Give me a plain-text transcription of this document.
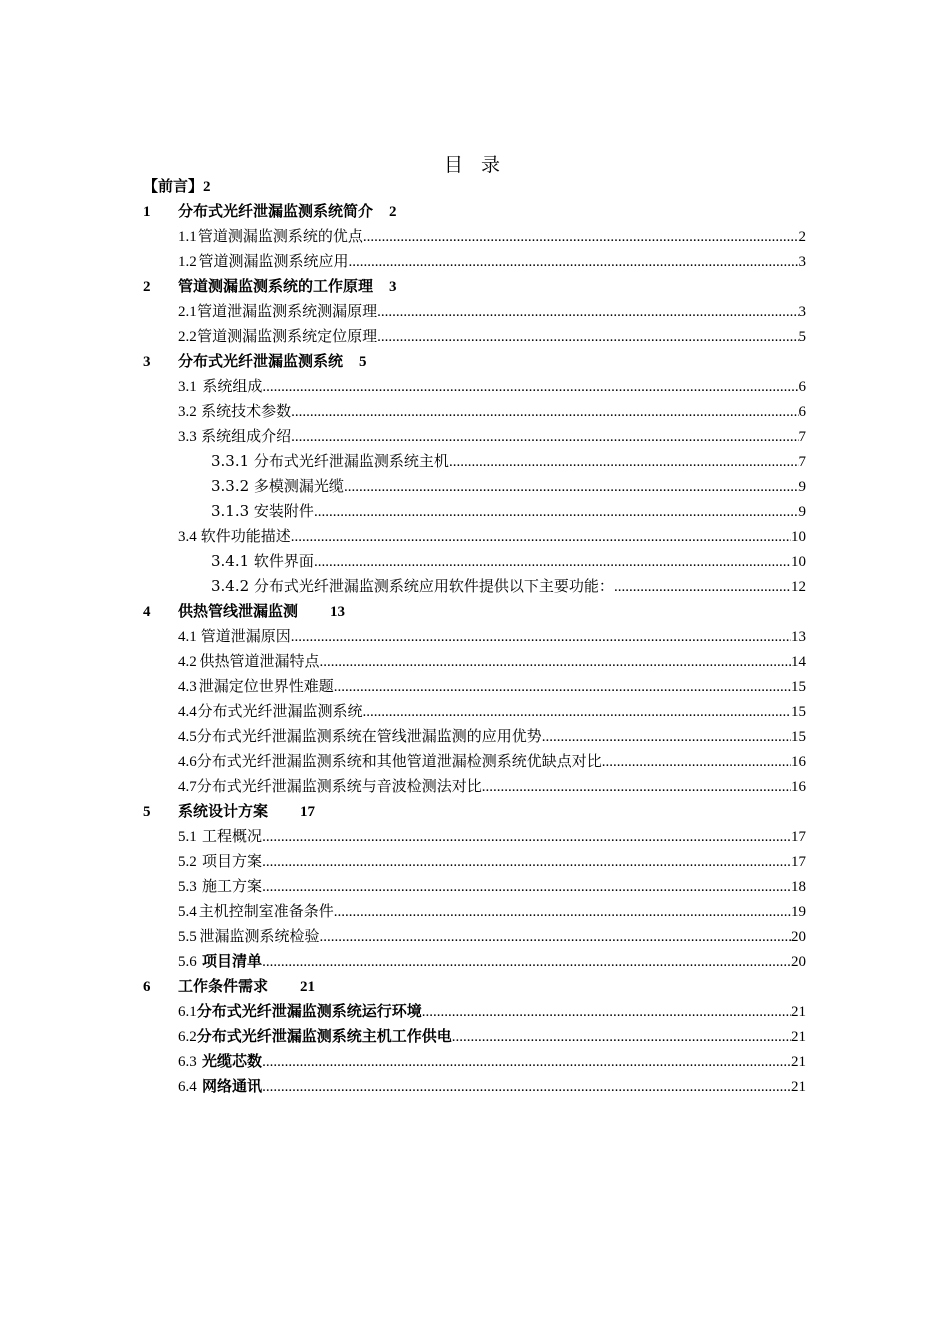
目 录
【前言】 2
1	分布式光纤泄漏监测系统简介 2
1.1 管道测漏监测系统的优点 .....	2
1.2 管道测漏监测系统应用 .....	3
2	管道测漏监测系统的工作原理 3
2.1 管道泄漏监测系统测漏原理 .....	3
2.2 管道测漏监测系统定位原理 .....	5
3	分布式光纤泄漏监测系统 5
3.1 系统组成 .....	6
3.2 系统技术参数 .....	6
3.3 系统组成介绍 .....	7
3.3.1 分布式光纤泄漏监测系统主机 .....	7
3.3.2 多模测漏光缆 .....	9
3.1.3 安装附件 .....	9
3.4 软件功能描述 .....	10
3.4.1 软件界面 .....	10
3.4.2 分布式光纤泄漏监测系统应用软件提供以下主要功能： .....	12
4	供热管线泄漏监测 13
4.1 管道泄漏原因 .....	13
4.2 供热管道泄漏特点 .....	14
4.3 泄漏定位世界性难题 .....	15
4.4 分布式光纤泄漏监测系统 .....	15
4.5 分布式光纤泄漏监测系统在管线泄漏监测的应用优势 .....	15
4.6 分布式光纤泄漏监测系统和其他管道泄漏检测系统优缺点对比 .....	16
4.7 分布式光纤泄漏监测系统与音波检测法对比 .....	16
5	系统设计方案 17
5.1 工程概况 .....	17
5.2 项目方案 .....	17
5.3 施工方案 .....	18
5.4 主机控制室准备条件 .....	19
5.5 泄漏监测系统检验 .....	20
5.6 项目清单 .....	20
6	工作条件需求 21
6.1 分布式光纤泄漏监测系统运行环境 .....	21
6.2 分布式光纤泄漏监测系统主机工作供电 .....	21
6.3 光缆芯数 .....	21
6.4 网络通讯 .....	21
